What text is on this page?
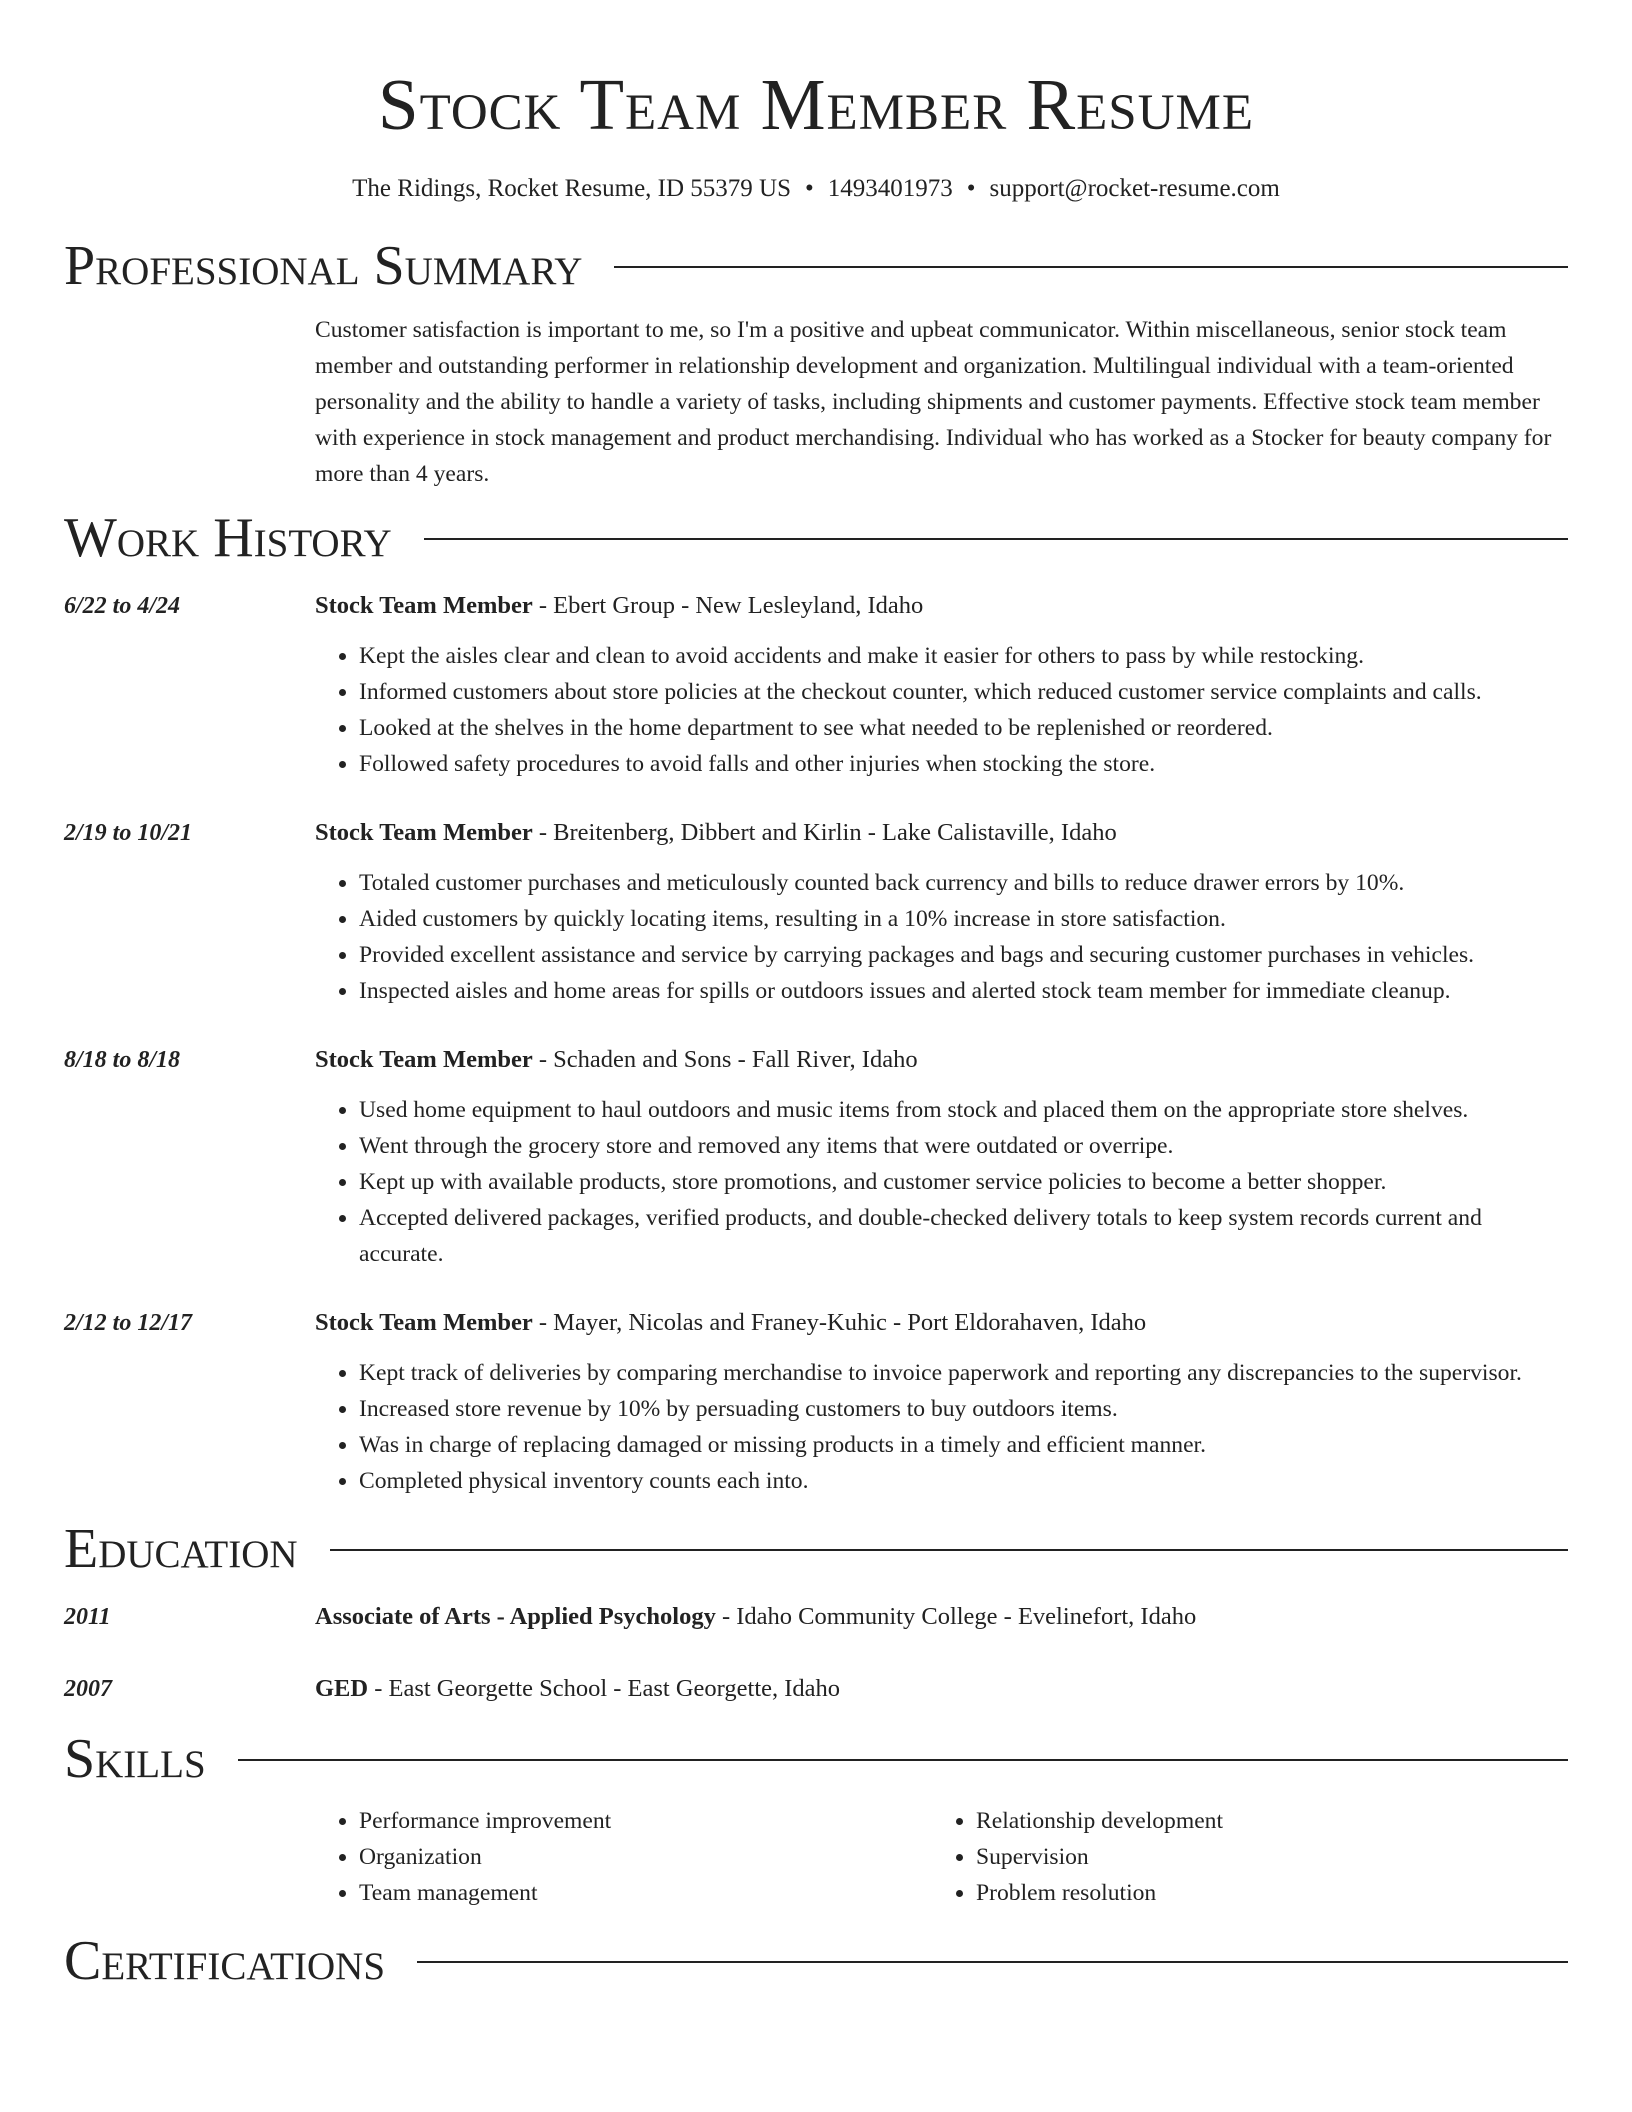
Stock Team Member Resume
The Ridings, Rocket Resume, ID 55379 US • 1493401973 • support@rocket-resume.com
Professional Summary
Customer satisfaction is important to me, so I'm a positive and upbeat communicator. Within miscellaneous, senior stock team member and outstanding performer in relationship development and organization. Multilingual individual with a team-oriented personality and the ability to handle a variety of tasks, including shipments and customer payments. Effective stock team member with experience in stock management and product merchandising. Individual who has worked as a Stocker for beauty company for more than 4 years.
Work History
6/22 to 4/24	Stock Team Member - Ebert Group - New Lesleyland, Idaho
• Kept the aisles clear and clean to avoid accidents and make it easier for others to pass by while restocking.
• Informed customers about store policies at the checkout counter, which reduced customer service complaints and calls.
• Looked at the shelves in the home department to see what needed to be replenished or reordered.
• Followed safety procedures to avoid falls and other injuries when stocking the store.
2/19 to 10/21	Stock Team Member - Breitenberg, Dibbert and Kirlin - Lake Calistaville, Idaho
• Totaled customer purchases and meticulously counted back currency and bills to reduce drawer errors by 10%.
• Aided customers by quickly locating items, resulting in a 10% increase in store satisfaction.
• Provided excellent assistance and service by carrying packages and bags and securing customer purchases in vehicles.
• Inspected aisles and home areas for spills or outdoors issues and alerted stock team member for immediate cleanup.
8/18 to 8/18	Stock Team Member - Schaden and Sons - Fall River, Idaho
• Used home equipment to haul outdoors and music items from stock and placed them on the appropriate store shelves.
• Went through the grocery store and removed any items that were outdated or overripe.
• Kept up with available products, store promotions, and customer service policies to become a better shopper.
• Accepted delivered packages, verified products, and double-checked delivery totals to keep system records current and accurate.
2/12 to 12/17	Stock Team Member - Mayer, Nicolas and Franey-Kuhic - Port Eldorahaven, Idaho
• Kept track of deliveries by comparing merchandise to invoice paperwork and reporting any discrepancies to the supervisor.
• Increased store revenue by 10% by persuading customers to buy outdoors items.
• Was in charge of replacing damaged or missing products in a timely and efficient manner.
• Completed physical inventory counts each into.
Education
2011	Associate of Arts - Applied Psychology - Idaho Community College - Evelinefort, Idaho
2007	GED - East Georgette School - East Georgette, Idaho
Skills
• Performance improvement
• Organization
• Team management
• Relationship development
• Supervision
• Problem resolution
Certifications
